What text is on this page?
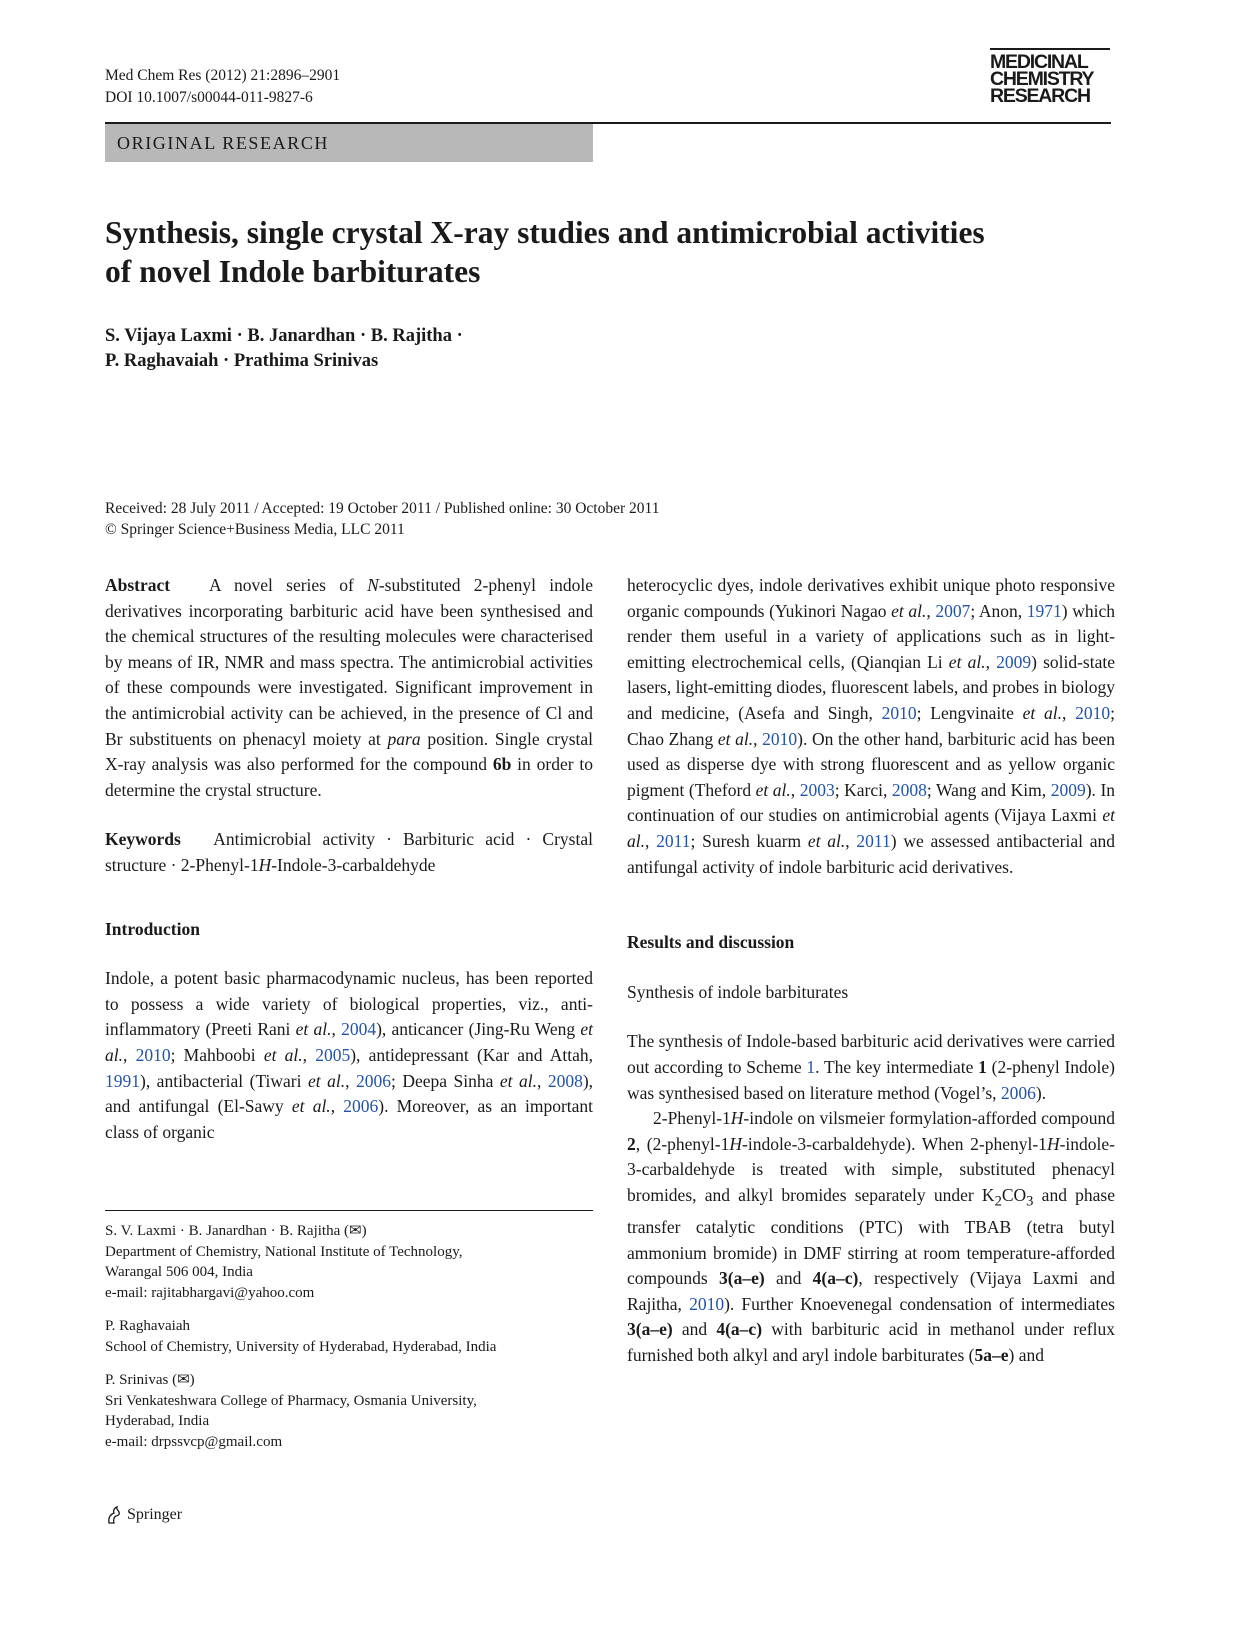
Med Chem Res (2012) 21:2896–2901
DOI 10.1007/s00044-011-9827-6
MEDICINAL
CHEMISTRY
RESEARCH
ORIGINAL RESEARCH
Synthesis, single crystal X-ray studies and antimicrobial activities
of novel Indole barbiturates
S. Vijaya Laxmi · B. Janardhan · B. Rajitha ·
P. Raghavaiah · Prathima Srinivas
Received: 28 July 2011 / Accepted: 19 October 2011 / Published online: 30 October 2011
© Springer Science+Business Media, LLC 2011

Abstract A novel series of N-substituted 2-phenyl indole derivatives incorporating barbituric acid have been synthesised and the chemical structures of the resulting molecules were characterised by means of IR, NMR and mass spectra. The antimicrobial activities of these compounds were investigated. Significant improvement in the antimicrobial activity can be achieved, in the presence of Cl and Br substituents on phenacyl moiety at para position. Single crystal X-ray analysis was also performed for the compound 6b in order to determine the crystal structure.

Keywords Antimicrobial activity · Barbituric acid · Crystal structure · 2-Phenyl-1H-Indole-3-carbaldehyde

Introduction

Indole, a potent basic pharmacodynamic nucleus, has been reported to possess a wide variety of biological properties, viz., anti-inflammatory (Preeti Rani et al., 2004), anticancer (Jing-Ru Weng et al., 2010; Mahboobi et al., 2005), antidepressant (Kar and Attah, 1991), antibacterial (Tiwari et al., 2006; Deepa Sinha et al., 2008), and antifungal (El-Sawy et al., 2006). Moreover, as an important class of organic

S. V. Laxmi · B. Janardhan · B. Rajitha (✉)
Department of Chemistry, National Institute of Technology,
Warangal 506 004, India
e-mail: rajitabhargavi@yahoo.com

P. Raghavaiah
School of Chemistry, University of Hyderabad, Hyderabad, India

P. Srinivas (✉)
Sri Venkateshwara College of Pharmacy, Osmania University,
Hyderabad, India
e-mail: drpssvcp@gmail.com

heterocyclic dyes, indole derivatives exhibit unique photo responsive organic compounds (Yukinori Nagao et al., 2007; Anon, 1971) which render them useful in a variety of applications such as in light-emitting electrochemical cells, (Qianqian Li et al., 2009) solid-state lasers, light-emitting diodes, fluorescent labels, and probes in biology and medicine, (Asefa and Singh, 2010; Lengvinaite et al., 2010; Chao Zhang et al., 2010). On the other hand, barbituric acid has been used as disperse dye with strong fluorescent and as yellow organic pigment (Theford et al., 2003; Karci, 2008; Wang and Kim, 2009). In continuation of our studies on antimicrobial agents (Vijaya Laxmi et al., 2011; Suresh kuarm et al., 2011) we assessed antibacterial and antifungal activity of indole barbituric acid derivatives.

Results and discussion

Synthesis of indole barbiturates

The synthesis of Indole-based barbituric acid derivatives were carried out according to Scheme 1. The key intermediate 1 (2-phenyl Indole) was synthesised based on literature method (Vogel’s, 2006).

2-Phenyl-1H-indole on vilsmeier formylation-afforded compound 2, (2-phenyl-1H-indole-3-carbaldehyde). When 2-phenyl-1H-indole-3-carbaldehyde is treated with simple, substituted phenacyl bromides, and alkyl bromides separately under $K_2CO_3$ and phase transfer catalytic conditions (PTC) with TBAB (tetra butyl ammonium bromide) in DMF stirring at room temperature-afforded compounds 3(a–e) and 4(a–c), respectively (Vijaya Laxmi and Rajitha, 2010). Further Knoevenegal condensation of intermediates 3(a–e) and 4(a–c) with barbituric acid in methanol under reflux furnished both alkyl and aryl indole barbiturates (5a–e) and

Springer
